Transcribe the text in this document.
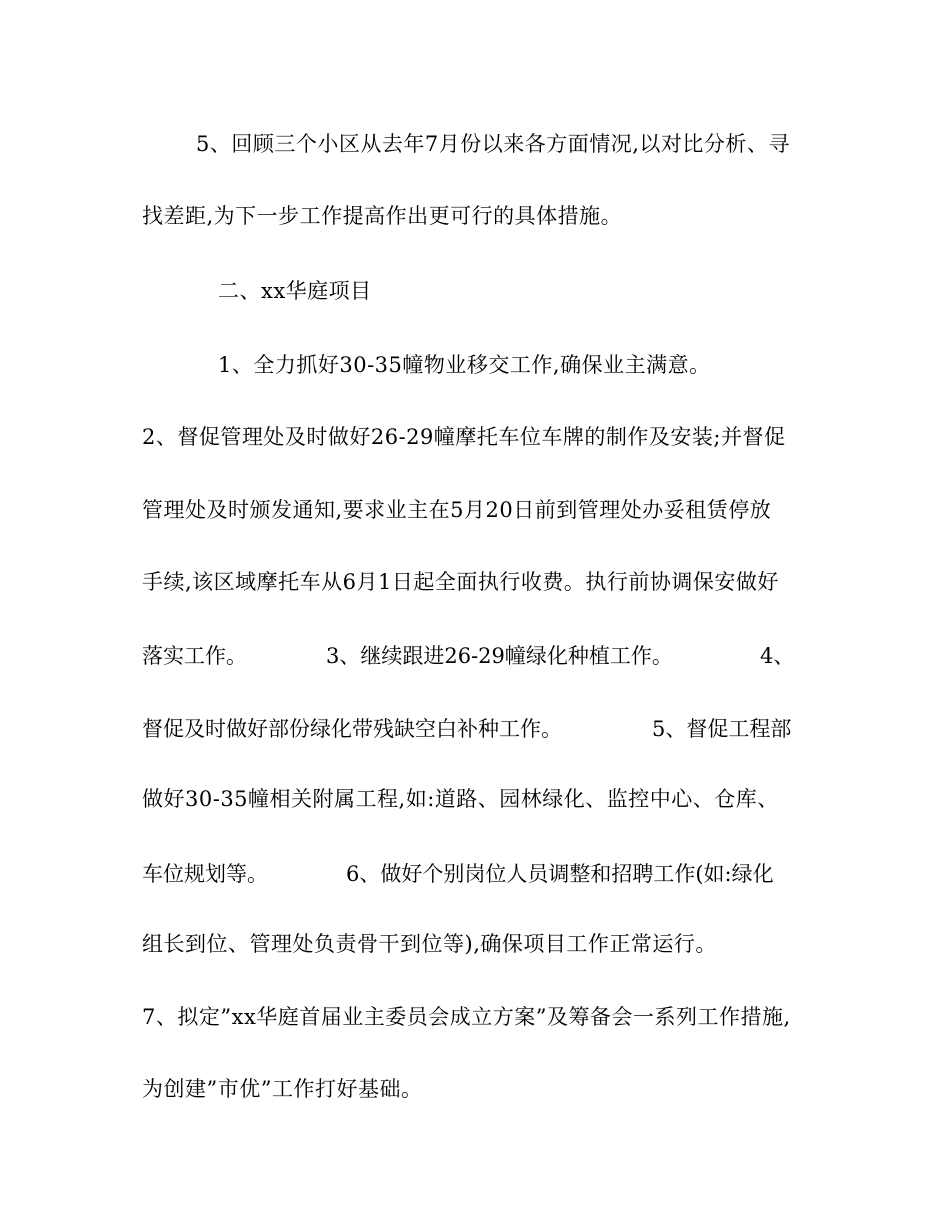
5、回顾三个小区从去年7月份以来各方面情况,以对比分析、寻
找差距,为下一步工作提高作出更可行的具体措施。
二、xx华庭项目
1、全力抓好30-35幢物业移交工作,确保业主满意。
2、督促管理处及时做好26-29幢摩托车位车牌的制作及安装;并督促
管理处及时颁发通知,要求业主在5月20日前到管理处办妥租赁停放
手续,该区域摩托车从6月1日起全面执行收费。执行前协调保安做好
落实工作。	3、继续跟进26-29幢绿化种植工作。	4、
督促及时做好部份绿化带残缺空白补种工作。	5、督促工程部
做好30-35幢相关附属工程,如:道路、园林绿化、监控中心、仓库、
车位规划等。	6、做好个别岗位人员调整和招聘工作(如:绿化
组长到位、管理处负责骨干到位等),确保项目工作正常运行。
7、拟定”xx华庭首届业主委员会成立方案”及筹备会一系列工作措施,
为创建”市优”工作打好基础。
